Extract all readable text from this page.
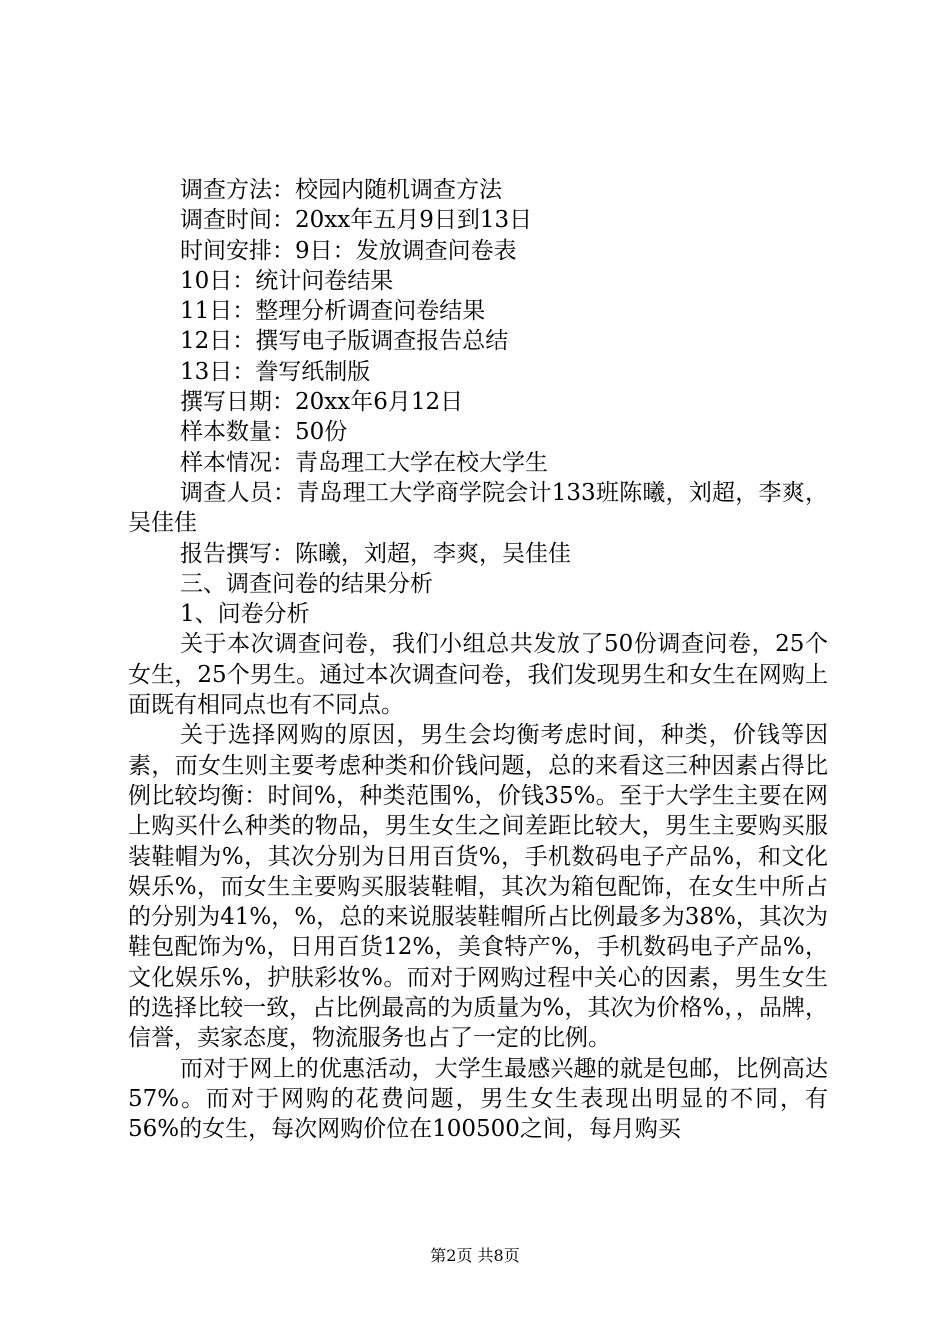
调查方法：校园内随机调查方法
调查时间：20xx年五月9日到13日
时间安排：9日：发放调查问卷表
10日：统计问卷结果
11日：整理分析调查问卷结果
12日：撰写电子版调查报告总结
13日：誊写纸制版
撰写日期：20xx年6月12日
样本数量：50份
样本情况：青岛理工大学在校大学生
调查人员：青岛理工大学商学院会计133班陈曦，刘超，李爽，吴佳佳
报告撰写：陈曦，刘超，李爽，吴佳佳
三、调查问卷的结果分析
1、问卷分析
关于本次调查问卷，我们小组总共发放了50份调查问卷，25个女生，25个男生。通过本次调查问卷，我们发现男生和女生在网购上面既有相同点也有不同点。
关于选择网购的原因，男生会均衡考虑时间，种类，价钱等因素，而女生则主要考虑种类和价钱问题，总的来看这三种因素占得比例比较均衡：时间%，种类范围%，价钱35%。至于大学生主要在网上购买什么种类的物品，男生女生之间差距比较大，男生主要购买服装鞋帽为%，其次分别为日用百货%，手机数码电子产品%，和文化娱乐%，而女生主要购买服装鞋帽，其次为箱包配饰，在女生中所占的分别为41%，%，总的来说服装鞋帽所占比例最多为38%，其次为鞋包配饰为%，日用百货12%，美食特产%，手机数码电子产品%，文化娱乐%，护肤彩妆%。而对于网购过程中关心的因素，男生女生的选择比较一致，占比例最高的为质量为%，其次为价格%，，品牌，信誉，卖家态度，物流服务也占了一定的比例。
而对于网上的优惠活动，大学生最感兴趣的就是包邮，比例高达57%。而对于网购的花费问题，男生女生表现出明显的不同，有56%的女生，每次网购价位在100500之间，每月购买
第2页 共8页
